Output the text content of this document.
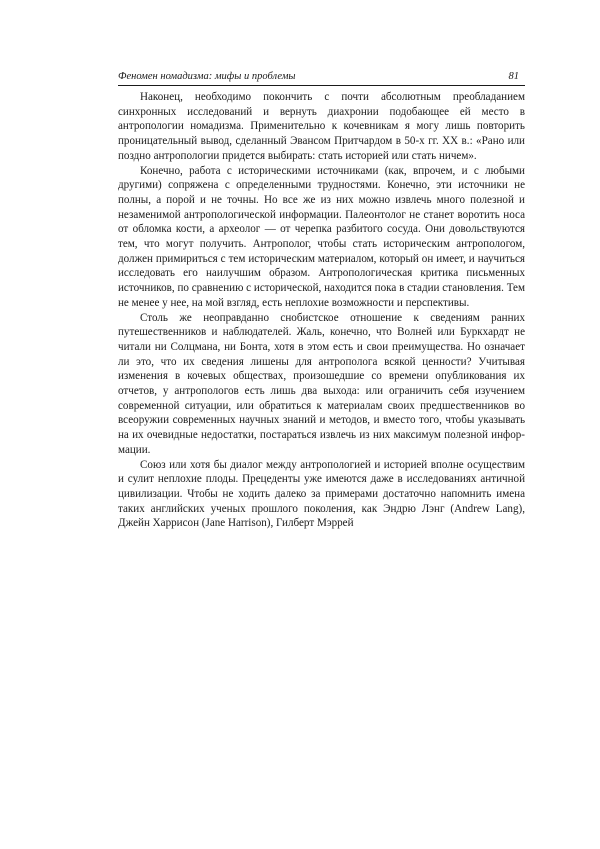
Феномен номадизма: мифы и проблемы	81

Наконец, необходимо покончить с почти абсолютным преобладанием синхронных исследований и вернуть диахронии подобающее ей место в антропологии номадизма. Применительно к кочевникам я могу лишь повторить проницательный вывод, сделанный Эвансом Притчардом в 50-х гг. XX в.: «Рано или поздно антропологии придется выбирать: стать историей или стать ничем».

Конечно, работа с историческими источниками (как, впрочем, и с любыми другими) сопряжена с определенными трудностями. Конечно, эти источники не полны, а порой и не точны. Но все же из них можно извлечь много полезной и незаменимой антропологической информации. Палеонтолог не станет воротить носа от обломка кости, а археолог — от черепка разбитого сосуда. Они довольствуются тем, что могут получить. Антрополог, чтобы стать историческим антропологом, должен примириться с тем историческим материалом, который он имеет, и научиться исследовать его наилучшим образом. Антропологическая критика письменных источников, по сравнению с исторической, находится пока в стадии становления. Тем не менее у нее, на мой взгляд, есть неплохие возможности и перспективы.

Столь же неоправданно снобистское отношение к сведениям ранних путешественников и наблюдателей. Жаль, конечно, что Волней или Буркхардт не читали ни Солцмана, ни Бонта, хотя в этом есть и свои преимущества. Но означает ли это, что их сведения лишены для антрополога всякой ценности? Учитывая изменения в кочевых обществах, произошедшие со времени опубликования их отчетов, у антропологов есть лишь два выхода: или ограничить себя изучением современной ситуации, или обратиться к материалам своих предшественников во всеоружии современных научных знаний и методов, и вместо того, чтобы указывать на их очевидные недостатки, постараться извлечь из них максимум полезной информации.

Союз или хотя бы диалог между антропологией и историей вполне осуществим и сулит неплохие плоды. Прецеденты уже имеются даже в исследованиях античной цивилизации. Чтобы не ходить далеко за примерами достаточно напомнить имена таких английских ученых прошлого поколения, как Эндрю Лэнг (Andrew Lang), Джейн Харрисон (Jane Harrison), Гилберт Мэррей
